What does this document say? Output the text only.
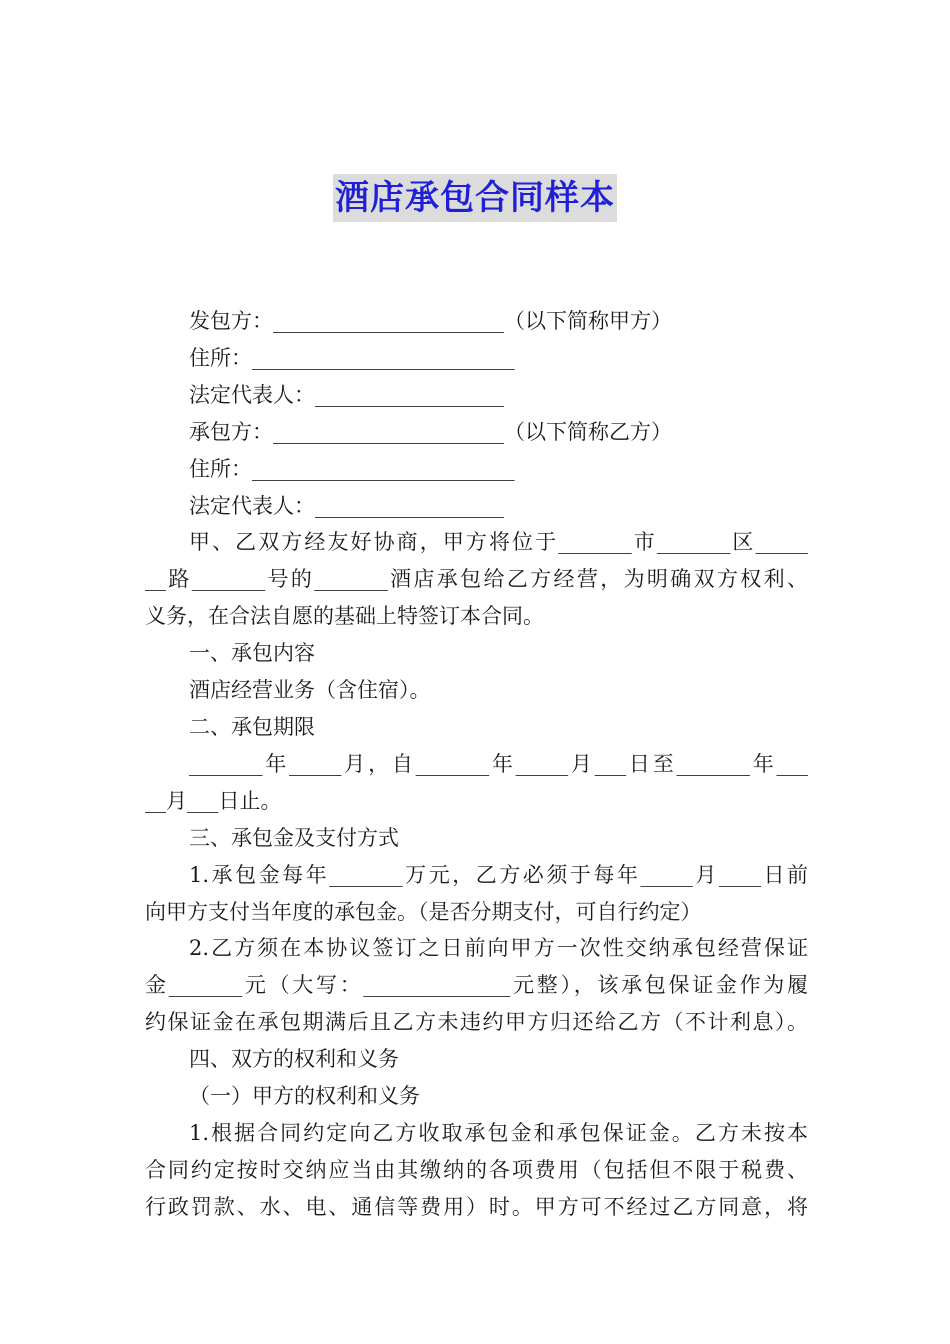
酒店承包合同样本

发包方：______________________（以下简称甲方）

住所：_________________________

法定代表人：__________________

承包方：______________________（以下简称乙方）

住所：_________________________

法定代表人：__________________

甲、乙双方经友好协商，甲方将位于_______市_______区_____

__路_______号的_______酒店承包给乙方经营，为明确双方权利、

义务，在合法自愿的基础上特签订本合同。

一、承包内容

酒店经营业务（含住宿）。

二、承包期限

_______年_____月，自_______年_____月___日至_______年___

__月___日止。

三、承包金及支付方式

1.承包金每年_______万元，乙方必须于每年_____月____日前

向甲方支付当年度的承包金。（是否分期支付，可自行约定）

2.乙方须在本协议签订之日前向甲方一次性交纳承包经营保证

金_______元（大写：______________元整），该承包保证金作为履

约保证金在承包期满后且乙方未违约甲方归还给乙方（不计利息）。

四、双方的权利和义务

（一）甲方的权利和义务

1.根据合同约定向乙方收取承包金和承包保证金。乙方未按本

合同约定按时交纳应当由其缴纳的各项费用（包括但不限于税费、

行政罚款、水、电、通信等费用）时。甲方可不经过乙方同意，将
